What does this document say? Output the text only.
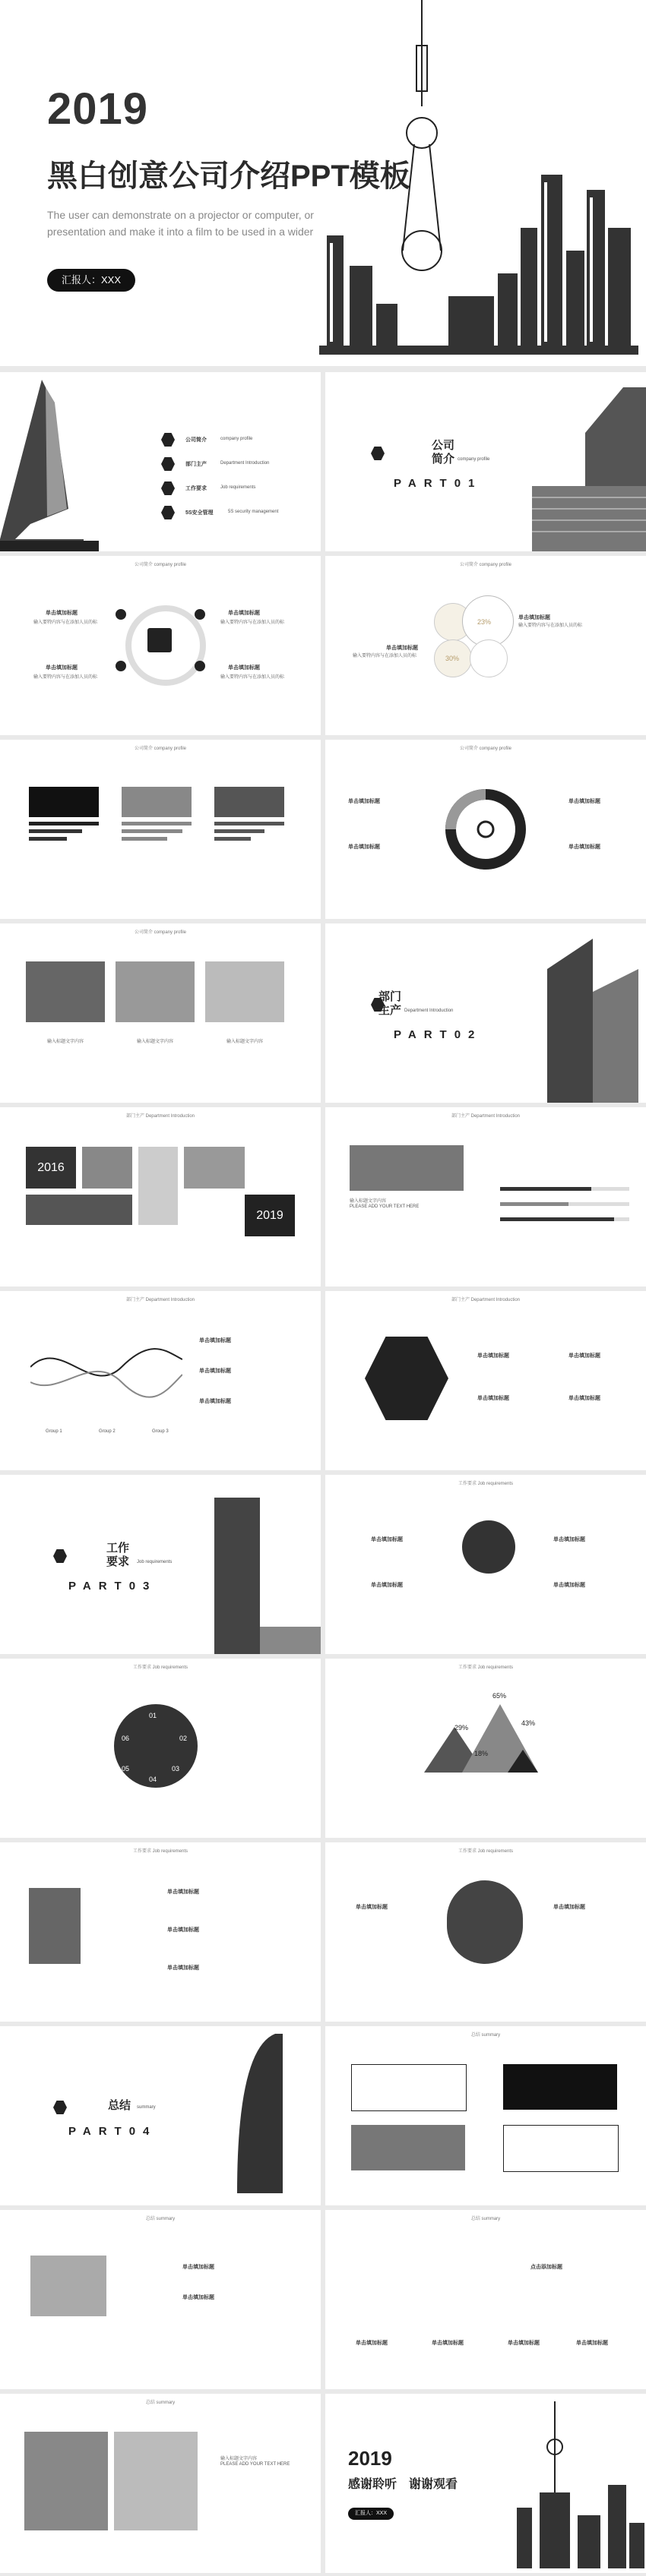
2019
黑白创意公司介绍PPT模板
The user can demonstrate on a projector or computer, or presentation and make it into a film to be used in a wider
汇报人：XXX
公司简介	company profile
部门主产	Department Introduction
工作要求	Job requirements
5S安全管理	5S security management
公司
简介 company profile
PART01
公司简介 company profile
单击填加标题
输入要特内容与在添加人员的标
单击填加标题
输入要特内容与在添加人员的标
单击填加标题
输入要特内容与在添加人员的标
单击填加标题
输入要特内容与在添加人员的标
公司简介 company profile
23%
30%
单击填加标题
输入要特内容与在添加人员的标
单击填加标题
输入要特内容与在添加人员的标
公司简介 company profile	公司简介 company profile
单击填加标题	单击填加标题
单击填加标题	单击填加标题
公司简介 company profile
输入标题文字内容	输入标题文字内容	输入标题文字内容
部门
主产 Department Introduction
PART02
部门主产 Department Introduction
2016
2019
部门主产 Department Introduction
输入标题文字内容
PLEASE ADD YOUR TEXT HERE
部门主产 Department Introduction
Group 1	Group 2	Group 3
单击填加标题
单击填加标题
单击填加标题
部门主产 Department Introduction
单击填加标题	单击填加标题
单击填加标题	单击填加标题
工作
要求 Job requirements
PART03
工作要求 Job requirements
单击填加标题	单击填加标题
单击填加标题	单击填加标题
工作要求 Job requirements
01
02
03
04
05
06
工作要求 Job requirements
65%
29%
43%
18%
工作要求 Job requirements
单击填加标题
单击填加标题
单击填加标题
工作要求 Job requirements
单击填加标题	单击填加标题
总结 summary
PART04
总结 summary
总结 summary
单击填加标题
单击填加标题
总结 summary
点击添加标题
单击填加标题	单击填加标题	单击填加标题	单击填加标题
总结 summary
输入标题文字内容
PLEASE ADD YOUR TEXT HERE	2019
感谢聆听　谢谢观看
汇报人：XXX
